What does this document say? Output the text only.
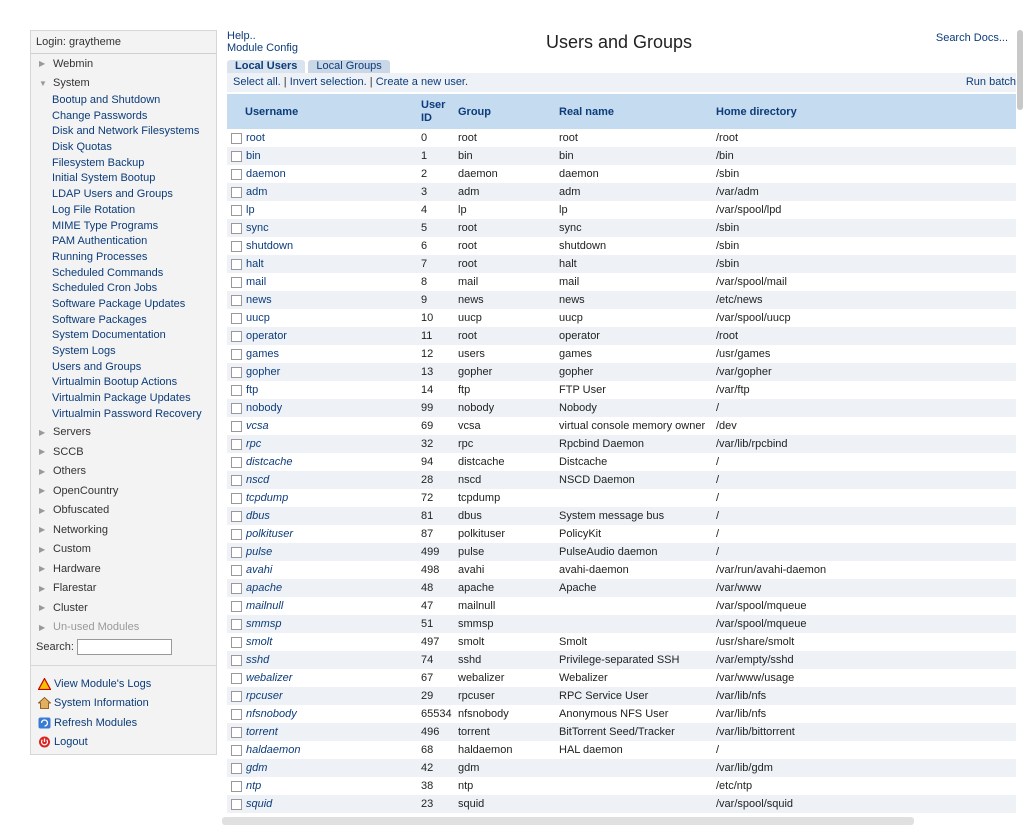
Login: graytheme
▶ Webmin
▼ System
Bootup and Shutdown
Change Passwords
Disk and Network Filesystems
Disk Quotas
Filesystem Backup
Initial System Bootup
LDAP Users and Groups
Log File Rotation
MIME Type Programs
PAM Authentication
Running Processes
Scheduled Commands
Scheduled Cron Jobs
Software Package Updates
Software Packages
System Documentation
System Logs
Users and Groups
Virtualmin Bootup Actions
Virtualmin Package Updates
Virtualmin Password Recovery
▶ Servers
▶ SCCB
▶ Others
▶ OpenCountry
▶ Obfuscated
▶ Networking
▶ Custom
▶ Hardware
▶ Flarestar
▶ Cluster
▶ Un-used Modules
Search:
View Module's Logs
System Information
Refresh Modules
Logout
Help..
Module Config	Users and Groups	Search Docs...
Local Users	Local Groups
Select all. | Invert selection. | Create a new user.	Run batch
Username	User ID	Group	Real name	Home directory
root	0	root	root	/root
bin	1	bin	bin	/bin
daemon	2	daemon	daemon	/sbin
adm	3	adm	adm	/var/adm
lp	4	lp	lp	/var/spool/lpd
sync	5	root	sync	/sbin
shutdown	6	root	shutdown	/sbin
halt	7	root	halt	/sbin
mail	8	mail	mail	/var/spool/mail
news	9	news	news	/etc/news
uucp	10	uucp	uucp	/var/spool/uucp
operator	11	root	operator	/root
games	12	users	games	/usr/games
gopher	13	gopher	gopher	/var/gopher
ftp	14	ftp	FTP User	/var/ftp
nobody	99	nobody	Nobody	/
vcsa	69	vcsa	virtual console memory owner	/dev
rpc	32	rpc	Rpcbind Daemon	/var/lib/rpcbind
distcache	94	distcache	Distcache	/
nscd	28	nscd	NSCD Daemon	/
tcpdump	72	tcpdump		/
dbus	81	dbus	System message bus	/
polkituser	87	polkituser	PolicyKit	/
pulse	499	pulse	PulseAudio daemon	/
avahi	498	avahi	avahi-daemon	/var/run/avahi-daemon
apache	48	apache	Apache	/var/www
mailnull	47	mailnull		/var/spool/mqueue
smmsp	51	smmsp		/var/spool/mqueue
smolt	497	smolt	Smolt	/usr/share/smolt
sshd	74	sshd	Privilege-separated SSH	/var/empty/sshd
webalizer	67	webalizer	Webalizer	/var/www/usage
rpcuser	29	rpcuser	RPC Service User	/var/lib/nfs
nfsnobody	65534	nfsnobody	Anonymous NFS User	/var/lib/nfs
torrent	496	torrent	BitTorrent Seed/Tracker	/var/lib/bittorrent
haldaemon	68	haldaemon	HAL daemon	/
gdm	42	gdm		/var/lib/gdm
ntp	38	ntp		/etc/ntp
squid	23	squid		/var/spool/squid
